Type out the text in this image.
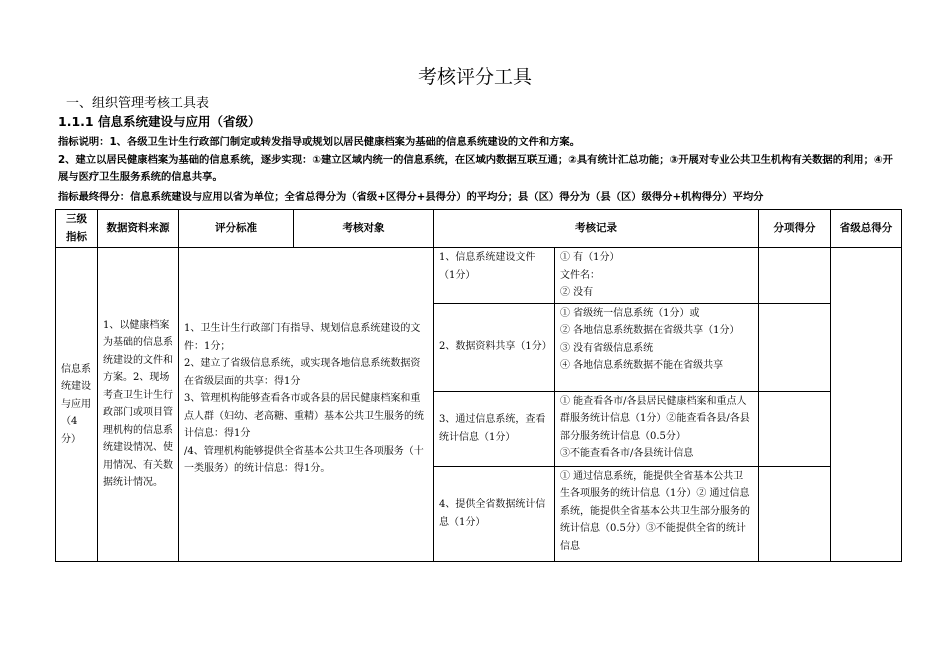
考核评分工具
一、组织管理考核工具表
1.1.1 信息系统建设与应用（省级）
指标说明：1、各级卫生计生行政部门制定或转发指导或规划以居民健康档案为基础的信息系统建设的文件和方案。
2、建立以居民健康档案为基础的信息系统，逐步实现：①建立区域内统一的信息系统，在区域内数据互联互通；②具有统计汇总功能；③开展对专业公共卫生机构有关数据的利用；④开展与医疗卫生服务系统的信息共享。
指标最终得分：信息系统建设与应用以省为单位；全省总得分为（省级+区得分+县得分）的平均分；县（区）得分为（县（区）级得分+机构得分）平均分
三级指标	数据资料来源	评分标准	考核对象	考核记录		分项得分	省级总得分
信息系统建设与应用（4分）	1、以健康档案为基础的信息系统建设的文件和方案。2、现场考查卫生计生行政部门或项目管理机构的信息系统建设情况、使用情况、有关数据统计情况。	1、卫生计生行政部门有指导、规划信息系统建设的文件：1分；
2、建立了省级信息系统，或实现各地信息系统数据资在省级层面的共享：得1分
3、管理机构能够查看各市或各县的居民健康档案和重点人群（妇幼、老高糖、重精）基本公共卫生服务的统计信息：得1分
/4、管理机构能够提供全省基本公共卫生各项服务（十一类服务）的统计信息：得1分。		1、信息系统建设文件（1分）	① 有（1分）
文件名：
② 没有		

				2、数据资料共享（1分）	① 省级统一信息系统（1分）或
② 各地信息系统数据在省级共享（1分）
③ 没有省级信息系统
④ 各地信息系统数据不能在省级共享		

				3、通过信息系统，查看统计信息（1分）	① 能查看各市/各县居民健康档案和重点人群服务统计信息（1分）②能查看各县/各县部分服务统计信息（0.5分）
③不能查看各市/各县统计信息		

				4、提供全省数据统计信息（1分）	① 通过信息系统，能提供全省基本公共卫生各项服务的统计信息（1分）② 通过信息系统，能提供全省基本公共卫生部分服务的统计信息（0.5分）③不能提供全省的统计信息		
